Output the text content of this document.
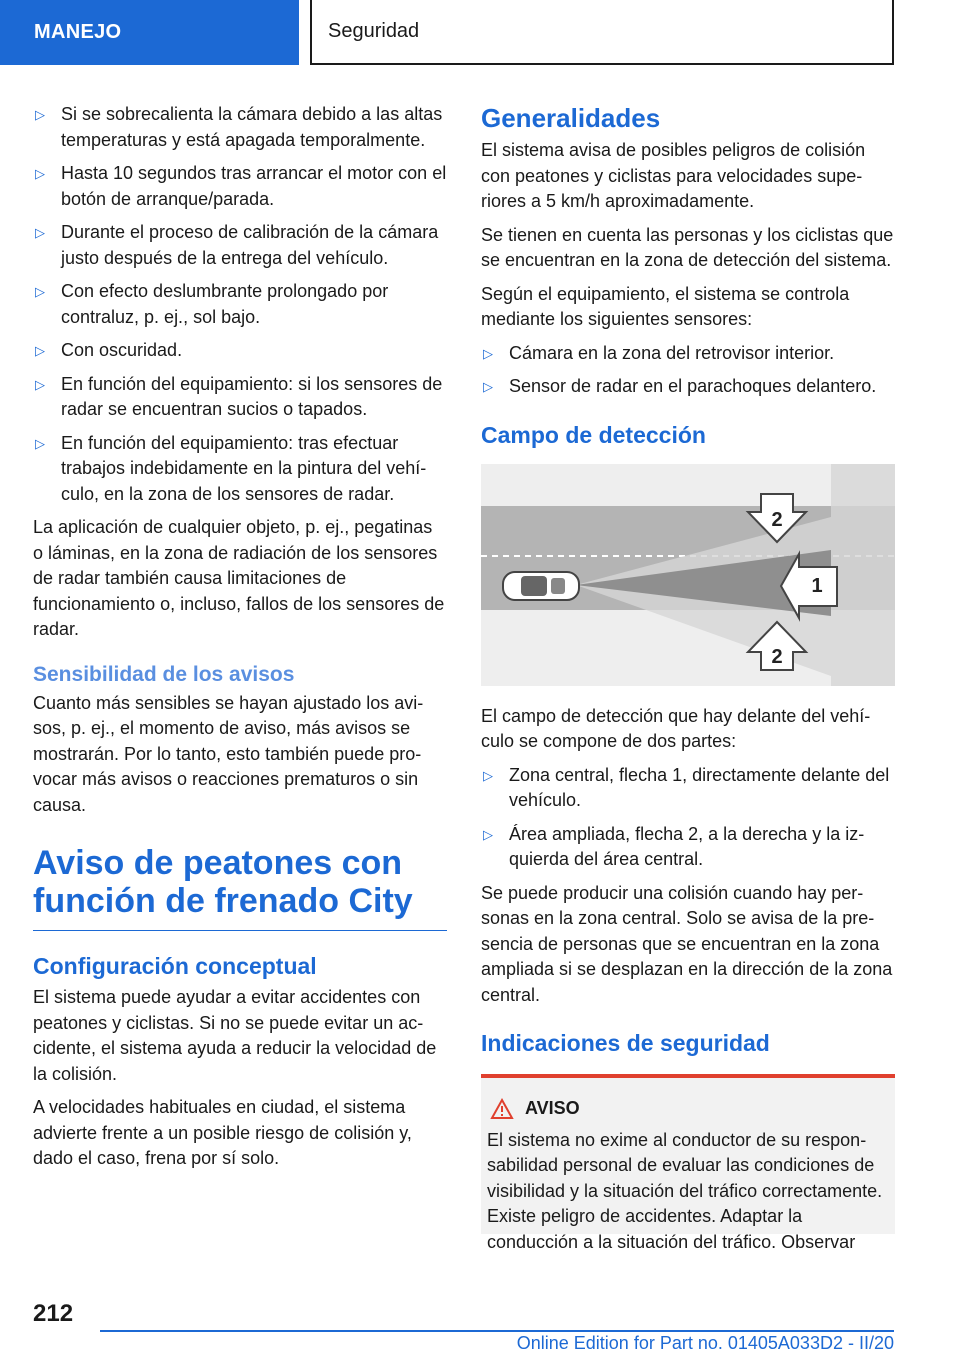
MANEJO	Seguridad
▷ Si se sobrecalienta la cámara debido a las altas temperaturas y está apagada temporalmente.
▷ Hasta 10 segundos tras arrancar el motor con el botón de arranque/parada.
▷ Durante el proceso de calibración de la cámara justo después de la entrega del vehículo.
▷ Con efecto deslumbrante prolongado por contraluz, p. ej., sol bajo.
▷ Con oscuridad.
▷ En función del equipamiento: si los sensores de radar se encuentran sucios o tapados.
▷ En función del equipamiento: tras efectuar trabajos indebidamente en la pintura del vehículo, en la zona de los sensores de radar.

La aplicación de cualquier objeto, p. ej., pegatinas o láminas, en la zona de radiación de los sensores de radar también causa limitaciones de funcionamiento o, incluso, fallos de los sensores de radar.

Sensibilidad de los avisos

Cuanto más sensibles se hayan ajustado los avisos, p. ej., el momento de aviso, más avisos se mostrarán. Por lo tanto, esto también puede provocar más avisos o reacciones prematuros o sin causa.

Aviso de peatones con función de frenado City
Configuración conceptual

El sistema puede ayudar a evitar accidentes con peatones y ciclistas. Si no se puede evitar un accidente, el sistema ayuda a reducir la velocidad de la colisión.

A velocidades habituales en ciudad, el sistema advierte frente a un posible riesgo de colisión y, dado el caso, frena por sí solo.

Generalidades

El sistema avisa de posibles peligros de colisión con peatones y ciclistas para velocidades superiores a 5 km/h aproximadamente.

Se tienen en cuenta las personas y los ciclistas que se encuentran en la zona de detección del sistema.

Según el equipamiento, el sistema se controla mediante los siguientes sensores:

▷ Cámara en la zona del retrovisor interior.
▷ Sensor de radar en el parachoques delantero.
Campo de detección
2
1
2

El campo de detección que hay delante del vehículo se compone de dos partes:

▷ Zona central, flecha 1, directamente delante del vehículo.
▷ Área ampliada, flecha 2, a la derecha y la izquierda del área central.

Se puede producir una colisión cuando hay personas en la zona central. Solo se avisa de la presencia de personas que se encuentran en la zona ampliada si se desplazan en la dirección de la zona central.

Indicaciones de seguridad
AVISO

El sistema no exime al conductor de su responsabilidad personal de evaluar las condiciones de visibilidad y la situación del tráfico correctamente. Existe peligro de accidentes. Adaptar la conducción a la situación del tráfico. Observar

212
Online Edition for Part no. 01405A033D2 - II/20
